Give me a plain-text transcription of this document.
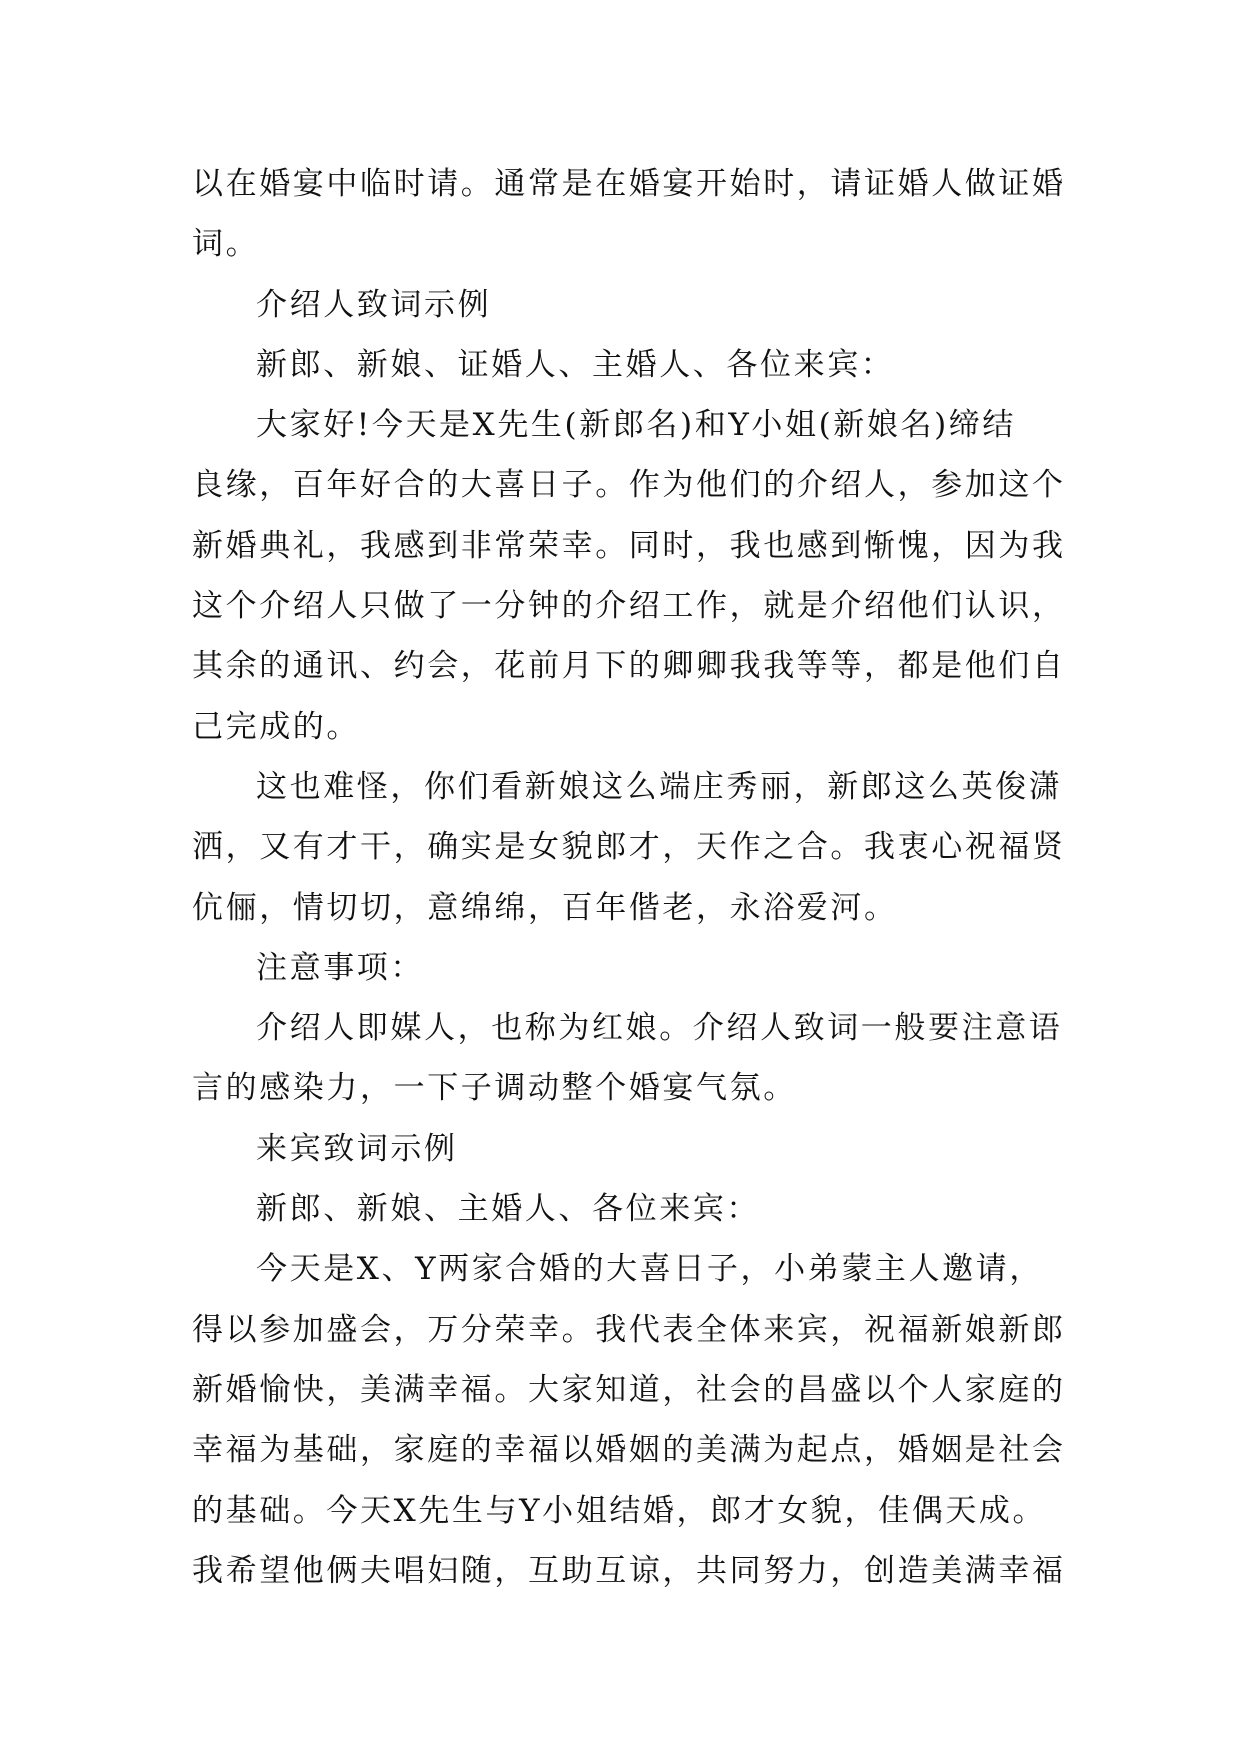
以在婚宴中临时请。通常是在婚宴开始时，请证婚人做证婚
词。
介绍人致词示例
新郎、新娘、证婚人、主婚人、各位来宾：
大家好!今天是X先生(新郎名)和Y小姐(新娘名)缔结
良缘，百年好合的大喜日子。作为他们的介绍人，参加这个
新婚典礼，我感到非常荣幸。同时，我也感到惭愧，因为我
这个介绍人只做了一分钟的介绍工作，就是介绍他们认识，
其余的通讯、约会，花前月下的卿卿我我等等，都是他们自
己完成的。
这也难怪，你们看新娘这么端庄秀丽，新郎这么英俊潇
洒，又有才干，确实是女貌郎才，天作之合。我衷心祝福贤
伉俪，情切切，意绵绵，百年偕老，永浴爱河。
注意事项：
介绍人即媒人，也称为红娘。介绍人致词一般要注意语
言的感染力，一下子调动整个婚宴气氛。
来宾致词示例
新郎、新娘、主婚人、各位来宾：
今天是X、Y两家合婚的大喜日子，小弟蒙主人邀请，
得以参加盛会，万分荣幸。我代表全体来宾，祝福新娘新郎
新婚愉快，美满幸福。大家知道，社会的昌盛以个人家庭的
幸福为基础，家庭的幸福以婚姻的美满为起点，婚姻是社会
的基础。今天X先生与Y小姐结婚，郎才女貌，佳偶天成。
我希望他俩夫唱妇随，互助互谅，共同努力，创造美满幸福
